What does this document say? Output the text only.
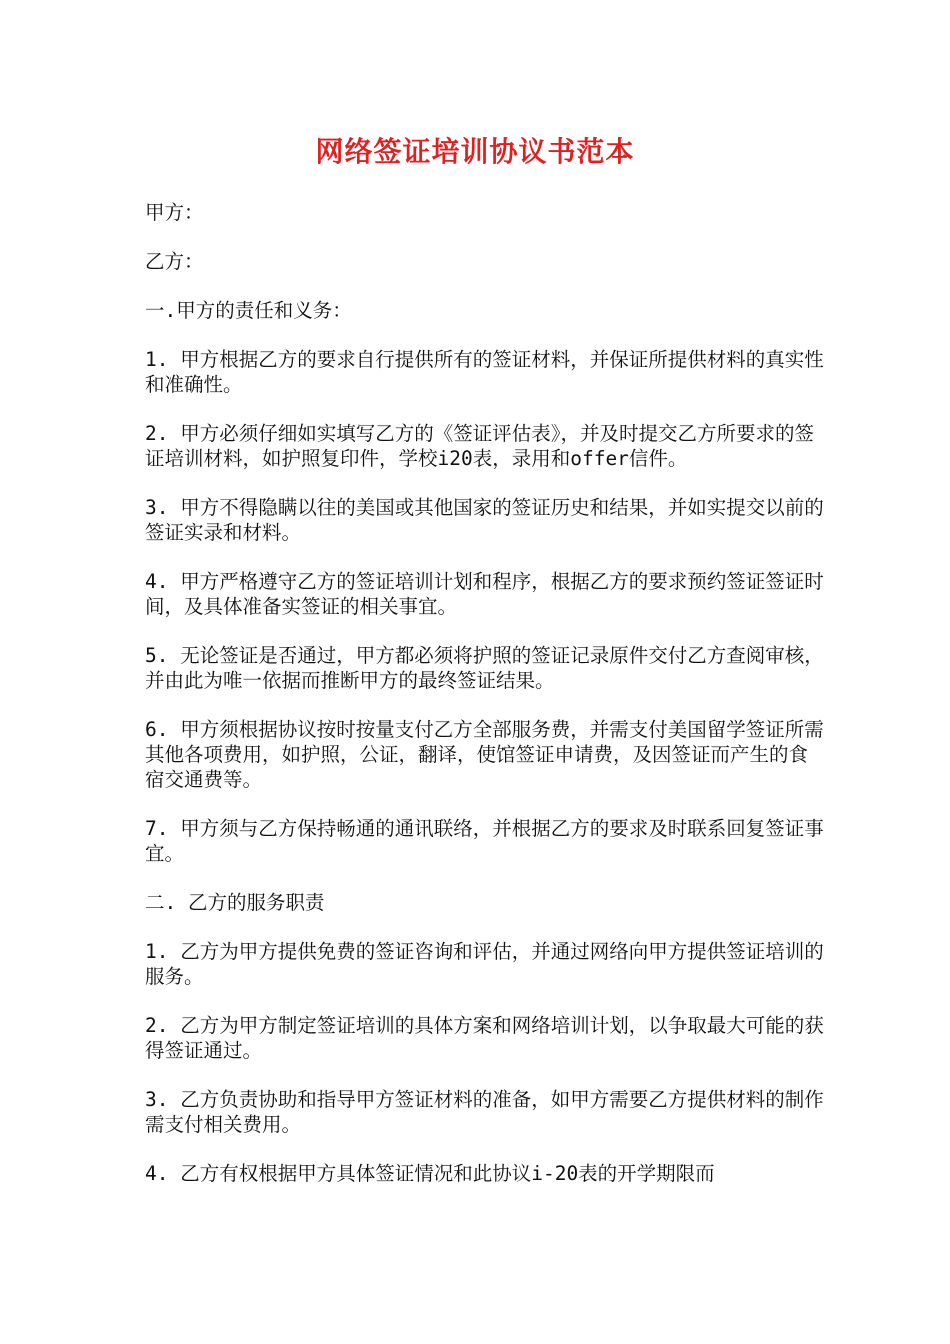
网络签证培训协议书范本

甲方：

乙方：

一.甲方的责任和义务：

1. 甲方根据乙方的要求自行提供所有的签证材料，并保证所提供材料的真实性和准确性。

2. 甲方必须仔细如实填写乙方的《签证评估表》，并及时提交乙方所要求的签证培训材料，如护照复印件，学校i20表，录用和offer信件。

3. 甲方不得隐瞒以往的美国或其他国家的签证历史和结果，并如实提交以前的签证实录和材料。

4. 甲方严格遵守乙方的签证培训计划和程序，根据乙方的要求预约签证签证时间，及具体准备实签证的相关事宜。

5. 无论签证是否通过，甲方都必须将护照的签证记录原件交付乙方查阅审核，并由此为唯一依据而推断甲方的最终签证结果。

6. 甲方须根据协议按时按量支付乙方全部服务费，并需支付美国留学签证所需其他各项费用，如护照，公证，翻译，使馆签证申请费，及因签证而产生的食宿交通费等。

7. 甲方须与乙方保持畅通的通讯联络，并根据乙方的要求及时联系回复签证事宜。

二. 乙方的服务职责

1. 乙方为甲方提供免费的签证咨询和评估，并通过网络向甲方提供签证培训的服务。

2. 乙方为甲方制定签证培训的具体方案和网络培训计划，以争取最大可能的获得签证通过。

3. 乙方负责协助和指导甲方签证材料的准备，如甲方需要乙方提供材料的制作需支付相关费用。

4. 乙方有权根据甲方具体签证情况和此协议i-20表的开学期限而
